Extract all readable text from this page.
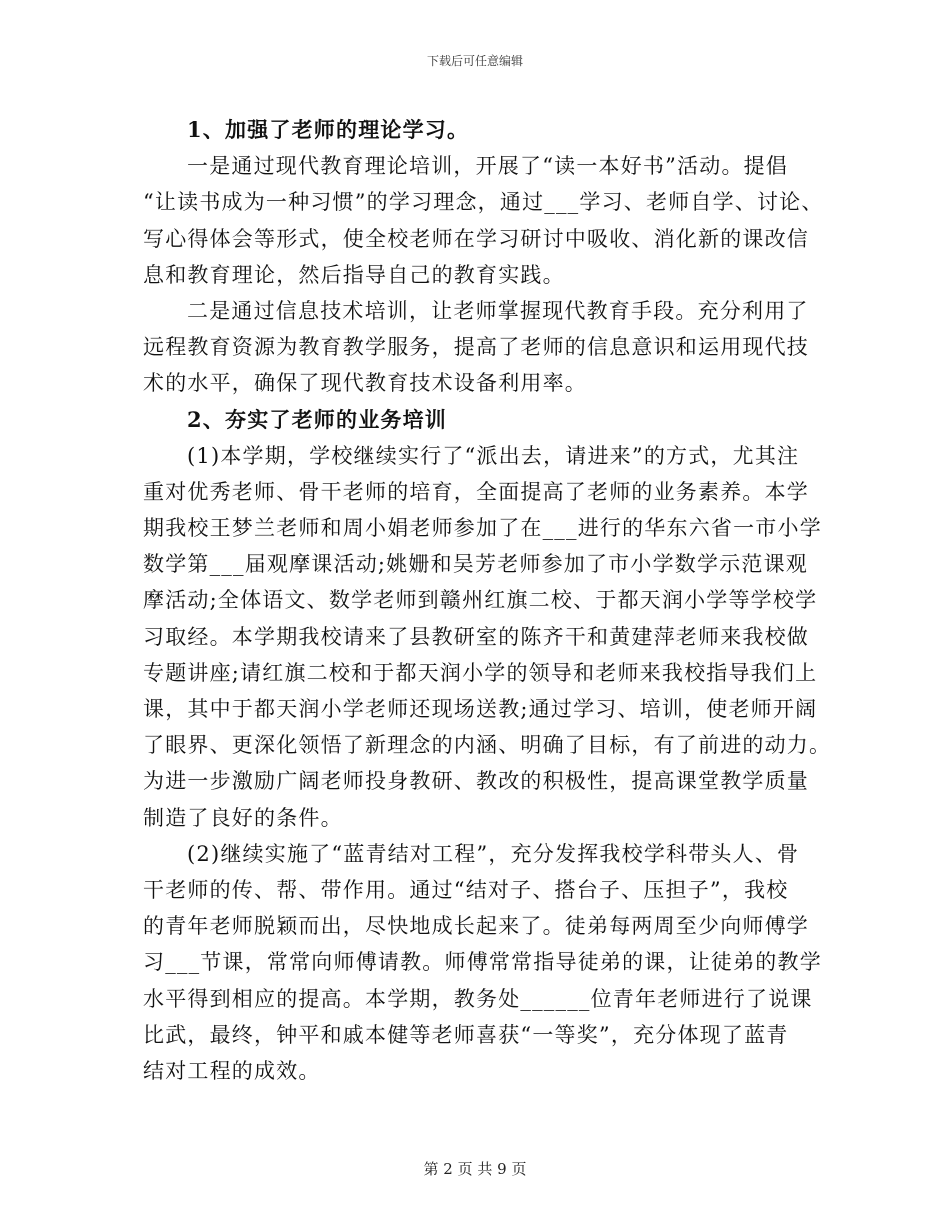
下载后可任意编辑
1、加强了老师的理论学习。
一是通过现代教育理论培训，开展了“读一本好书”活动。提倡
“让读书成为一种习惯”的学习理念，通过___学习、老师自学、讨论、
写心得体会等形式，使全校老师在学习研讨中吸收、消化新的课改信
息和教育理论，然后指导自己的教育实践。
二是通过信息技术培训，让老师掌握现代教育手段。充分利用了
远程教育资源为教育教学服务，提高了老师的信息意识和运用现代技
术的水平，确保了现代教育技术设备利用率。
2、夯实了老师的业务培训
(1)本学期，学校继续实行了“派出去，请进来”的方式，尤其注
重对优秀老师、骨干老师的培育，全面提高了老师的业务素养。本学
期我校王梦兰老师和周小娟老师参加了在___进行的华东六省一市小学
数学第___届观摩课活动;姚姗和吴芳老师参加了市小学数学示范课观
摩活动;全体语文、数学老师到赣州红旗二校、于都天润小学等学校学
习取经。本学期我校请来了县教研室的陈齐干和黄建萍老师来我校做
专题讲座;请红旗二校和于都天润小学的领导和老师来我校指导我们上
课，其中于都天润小学老师还现场送教;通过学习、培训，使老师开阔
了眼界、更深化领悟了新理念的内涵、明确了目标，有了前进的动力。
为进一步激励广阔老师投身教研、教改的积极性，提高课堂教学质量
制造了良好的条件。
(2)继续实施了“蓝青结对工程”，充分发挥我校学科带头人、骨
干老师的传、帮、带作用。通过“结对子、搭台子、压担子”，我校
的青年老师脱颖而出，尽快地成长起来了。徒弟每两周至少向师傅学
习___节课，常常向师傅请教。师傅常常指导徒弟的课，让徒弟的教学
水平得到相应的提高。本学期，教务处______位青年老师进行了说课
比武，最终，钟平和戚本健等老师喜获“一等奖”，充分体现了蓝青
结对工程的成效。
第 2 页 共 9 页
